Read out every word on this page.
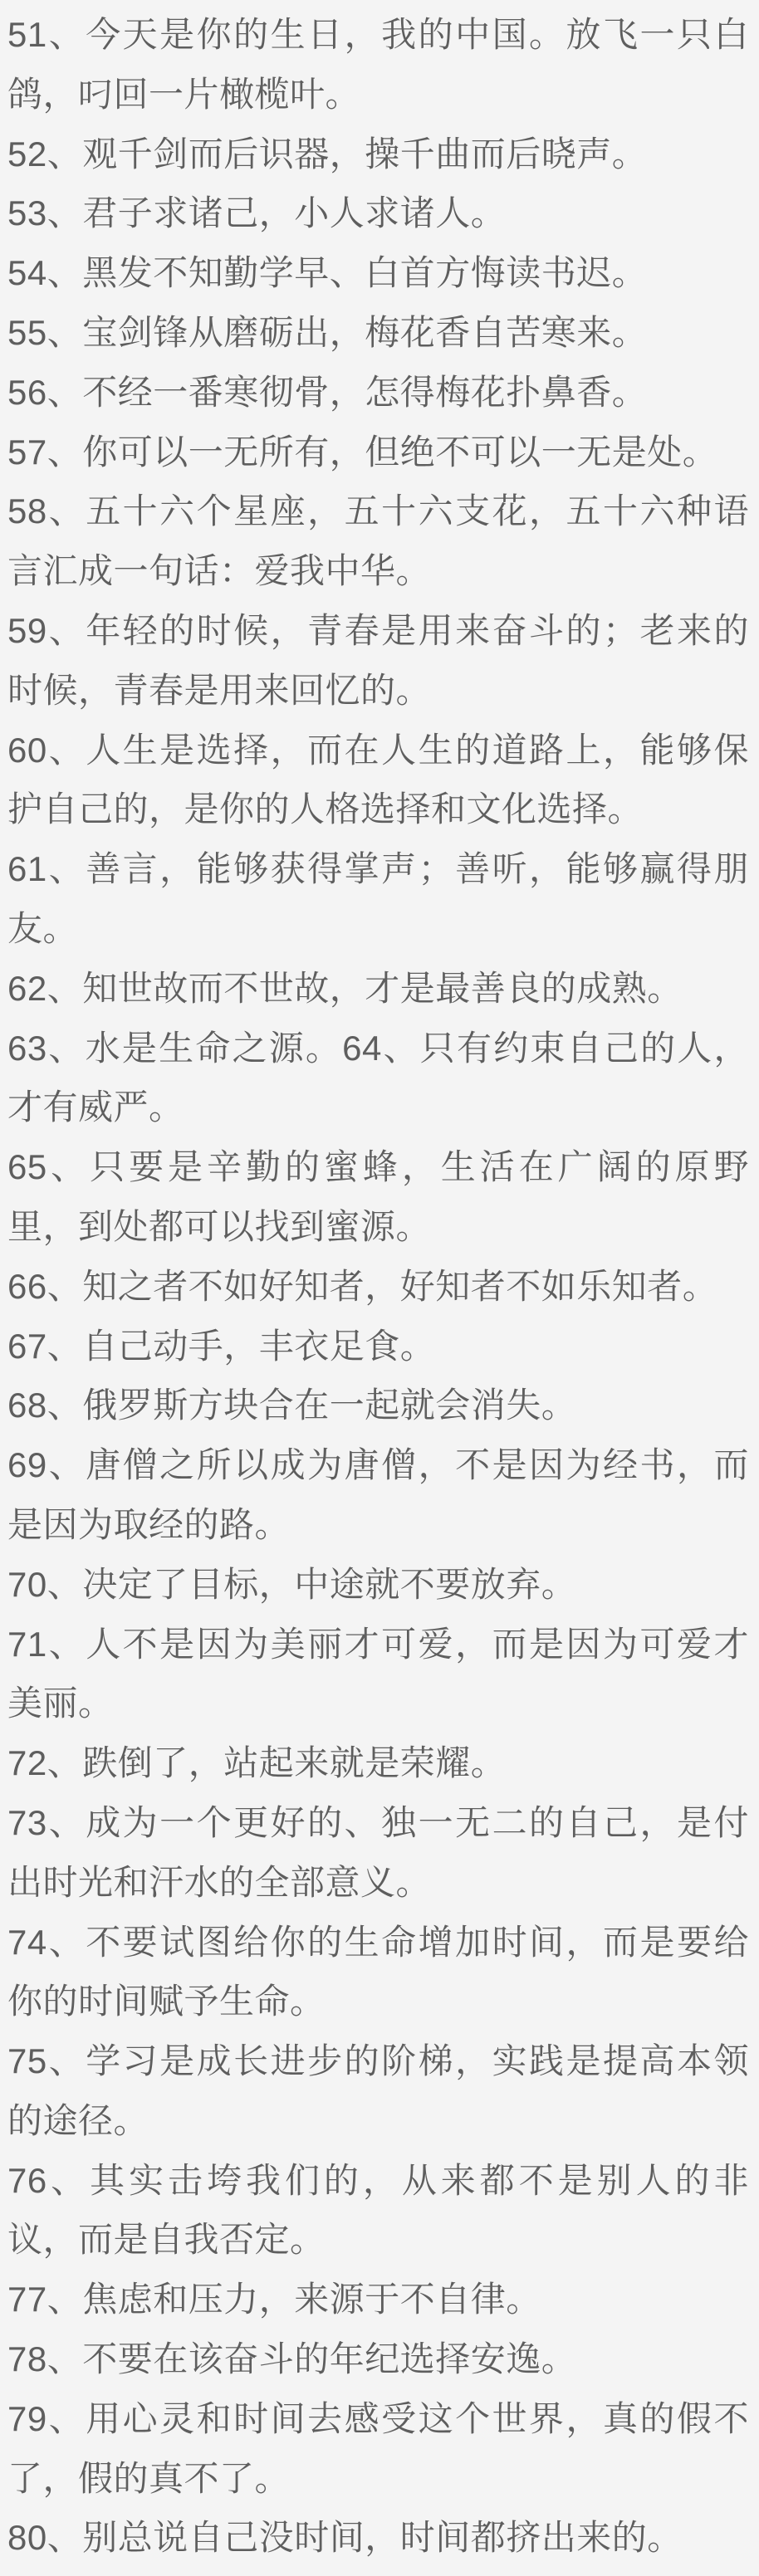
51、今天是你的生日，我的中国。放飞一只白鸽，叼回一片橄榄叶。

52、观千剑而后识器，操千曲而后晓声。

53、君子求诸己，小人求诸人。

54、黑发不知勤学早、白首方悔读书迟。

55、宝剑锋从磨砺出，梅花香自苦寒来。

56、不经一番寒彻骨，怎得梅花扑鼻香。

57、你可以一无所有，但绝不可以一无是处。

58、五十六个星座，五十六支花，五十六种语言汇成一句话：爱我中华。

59、年轻的时候，青春是用来奋斗的；老来的时候，青春是用来回忆的。

60、人生是选择，而在人生的道路上，能够保护自己的，是你的人格选择和文化选择。

61、善言，能够获得掌声；善听，能够赢得朋友。

62、知世故而不世故，才是最善良的成熟。

63、水是生命之源。64、只有约束自己的人，才有威严。

65、只要是辛勤的蜜蜂，生活在广阔的原野里，到处都可以找到蜜源。

66、知之者不如好知者，好知者不如乐知者。

67、自己动手，丰衣足食。

68、俄罗斯方块合在一起就会消失。

69、唐僧之所以成为唐僧，不是因为经书，而是因为取经的路。

70、决定了目标，中途就不要放弃。

71、人不是因为美丽才可爱，而是因为可爱才美丽。

72、跌倒了，站起来就是荣耀。

73、成为一个更好的、独一无二的自己，是付出时光和汗水的全部意义。

74、不要试图给你的生命增加时间，而是要给你的时间赋予生命。

75、学习是成长进步的阶梯，实践是提高本领的途径。

76、其实击垮我们的，从来都不是别人的非议，而是自我否定。

77、焦虑和压力，来源于不自律。

78、不要在该奋斗的年纪选择安逸。

79、用心灵和时间去感受这个世界，真的假不了，假的真不了。

80、别总说自己没时间，时间都挤出来的。
